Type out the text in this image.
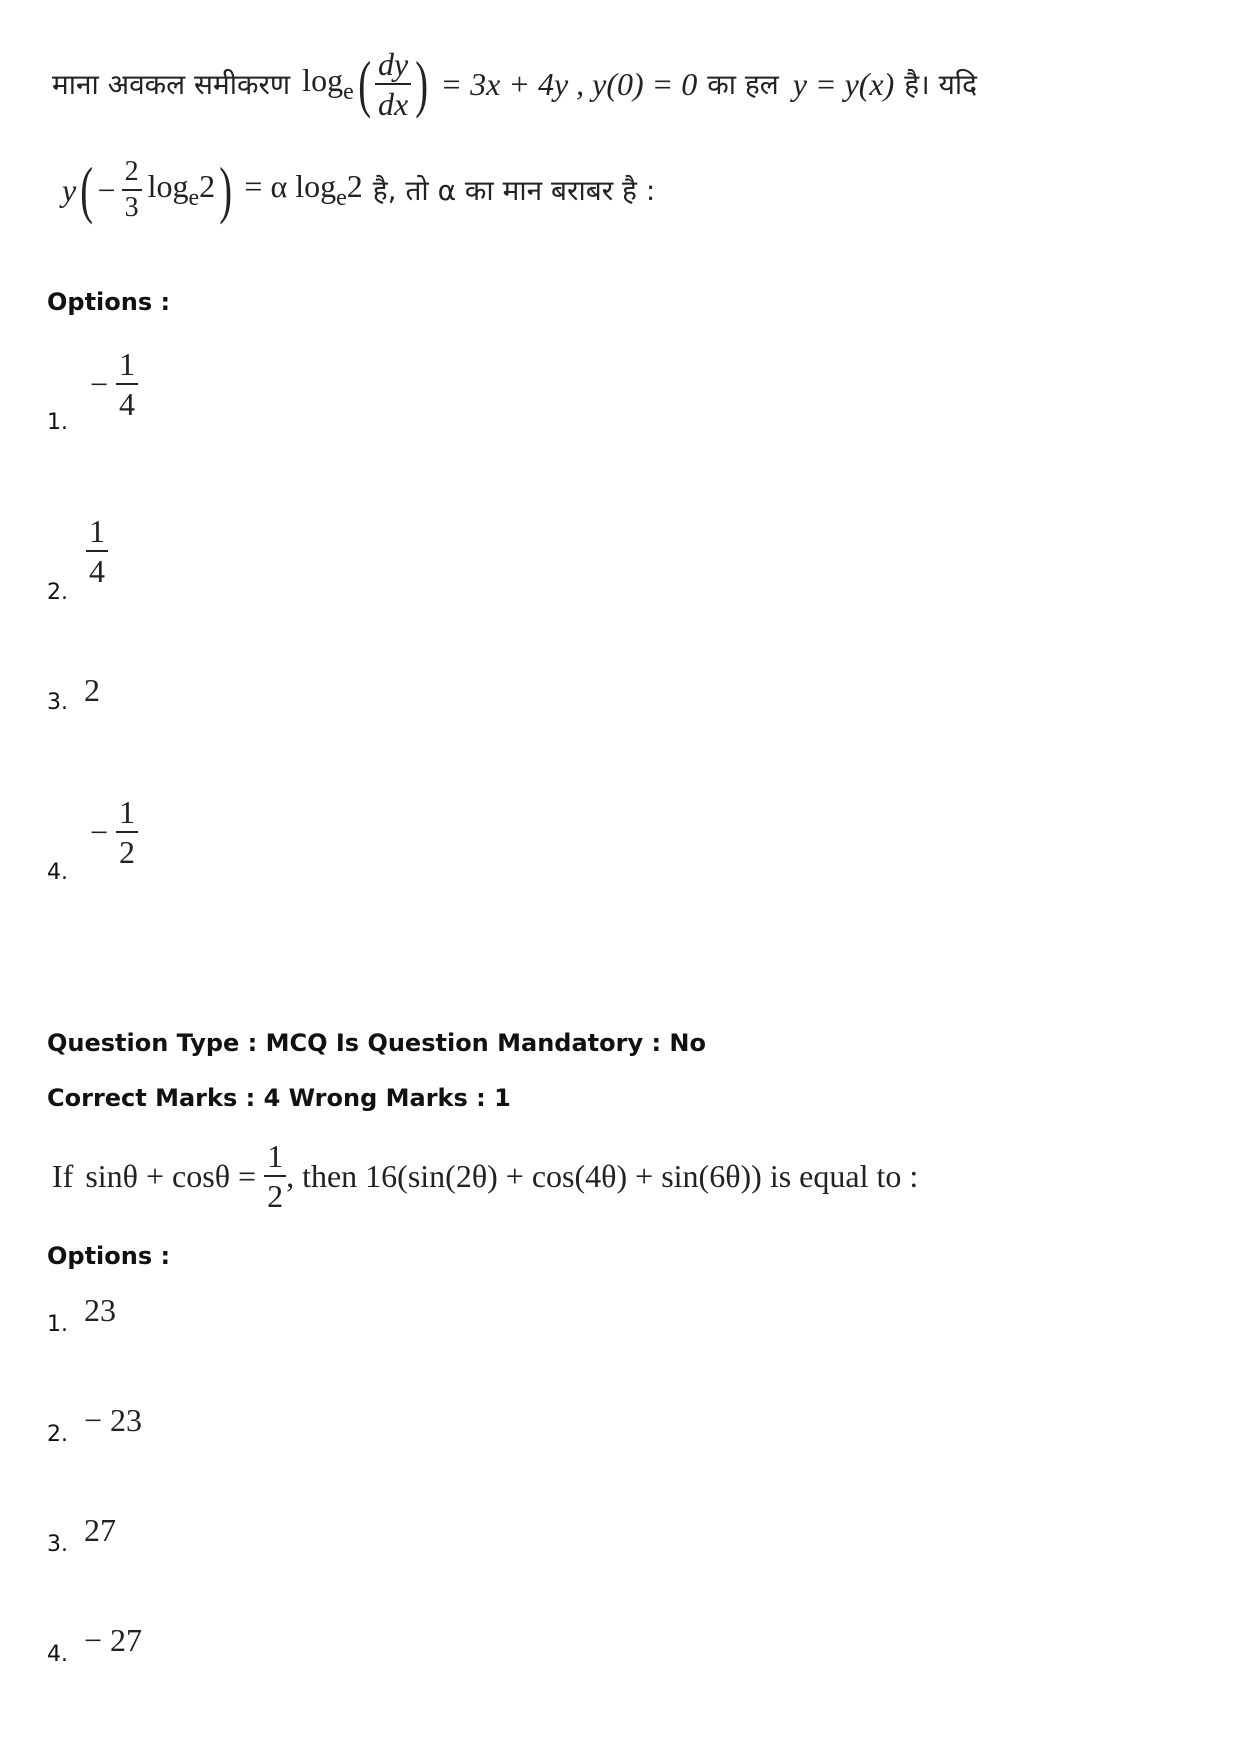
माना अवकल समीकरण $\log_e$ ( $\frac{dy}{dx}$ ) = 3x + 4y , y(0) = 0 का हल y = y(x) है। यदि
y ( − $\frac{2}{3} \log_e2$ ) = α $\log_e2$ है, तो α का मान बराबर है :
Options :
1.
− $\frac{1}{4}$
2.
$\frac{1}{4}$
3. 2
4.
− $\frac{1}{2}$
Question Type : MCQ Is Question Mandatory : No
Correct Marks : 4 Wrong Marks : 1
If $\sin\theta + \cos\theta = \frac{1}{2}$ , then 16(sin(2θ) + cos(4θ) + sin(6θ)) is equal to :
Options :
1. 23
2. − 23
3. 27
4. − 27
